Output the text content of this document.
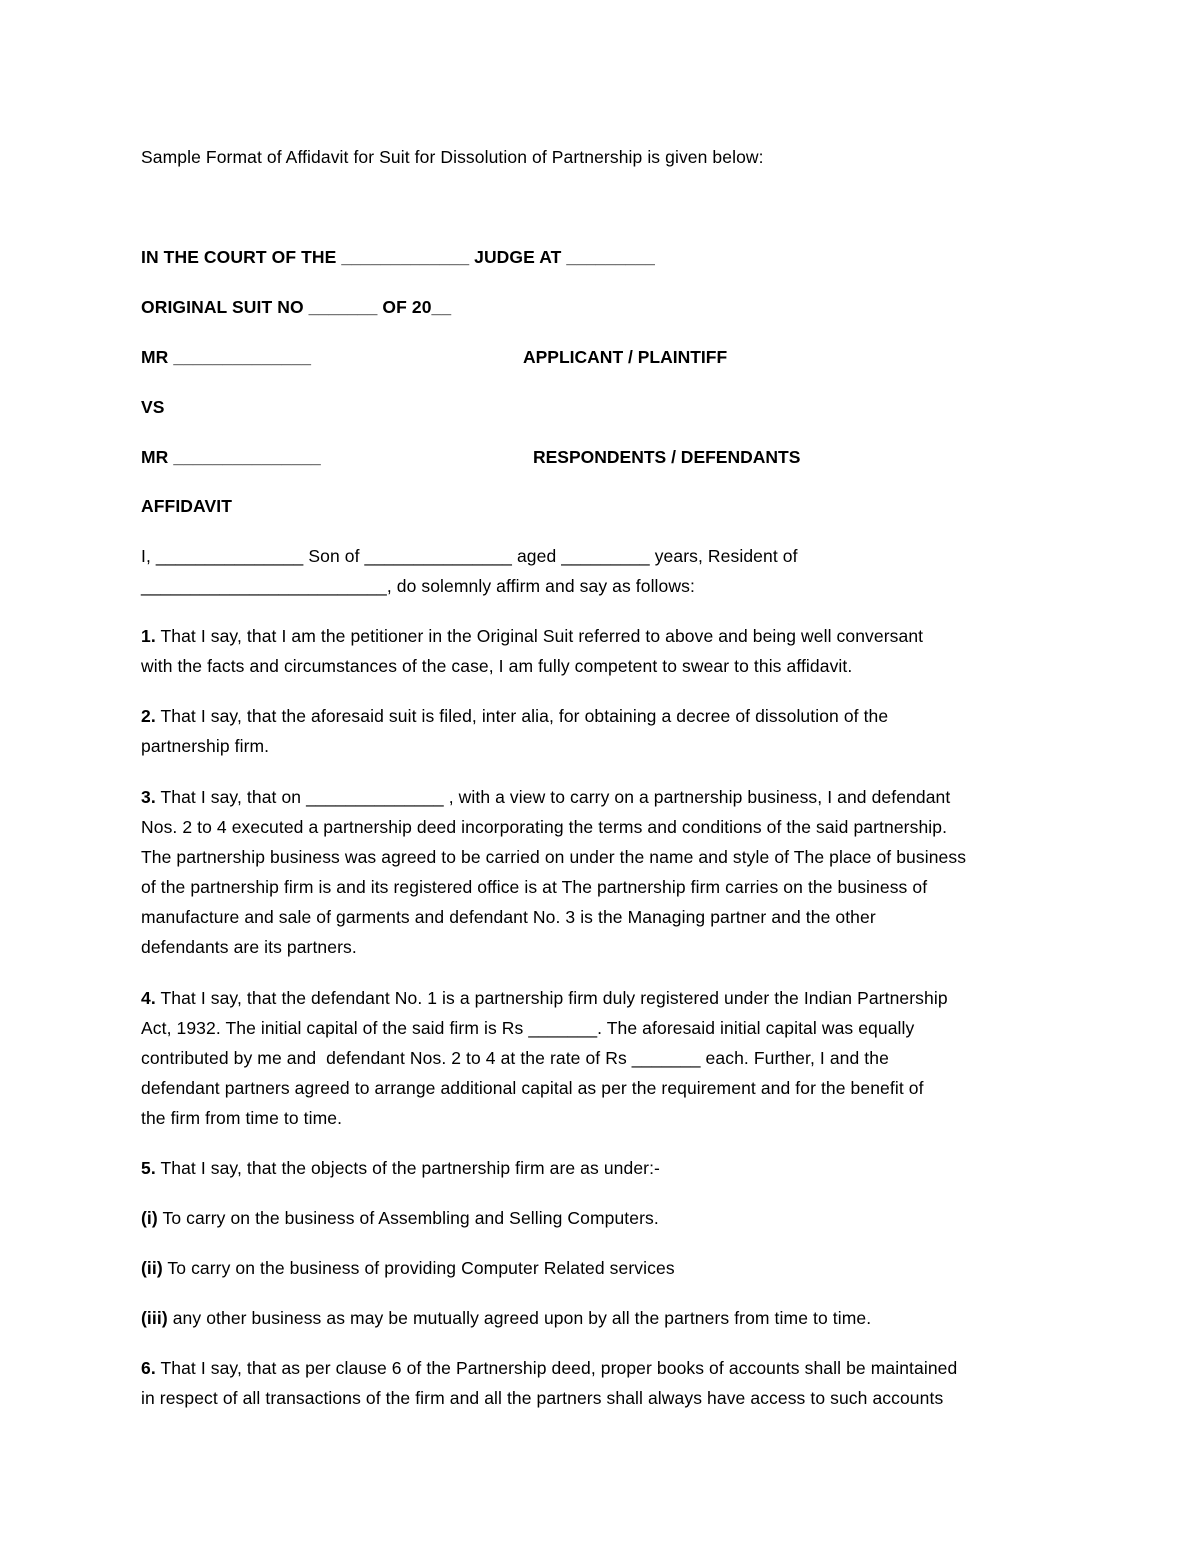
Sample Format of Affidavit for Suit for Dissolution of Partnership is given below:
IN THE COURT OF THE _____________ JUDGE AT _________
ORIGINAL SUIT NO _______ OF 20__
MR ______________	APPLICANT / PLAINTIFF
VS
MR _______________	RESPONDENTS / DEFENDANTS
AFFIDAVIT
I, _______________ Son of _______________ aged _________ years, Resident of
_________________________, do solemnly affirm and say as follows:
1. That I say, that I am the petitioner in the Original Suit referred to above and being well conversant
with the facts and circumstances of the case, I am fully competent to swear to this affidavit.
2. That I say, that the aforesaid suit is filed, inter alia, for obtaining a decree of dissolution of the
partnership firm.
3. That I say, that on ______________ , with a view to carry on a partnership business, I and defendant
Nos. 2 to 4 executed a partnership deed incorporating the terms and conditions of the said partnership.
The partnership business was agreed to be carried on under the name and style of The place of business
of the partnership firm is and its registered office is at The partnership firm carries on the business of
manufacture and sale of garments and defendant No. 3 is the Managing partner and the other
defendants are its partners.
4. That I say, that the defendant No. 1 is a partnership firm duly registered under the Indian Partnership
Act, 1932. The initial capital of the said firm is Rs _______. The aforesaid initial capital was equally
contributed by me and  defendant Nos. 2 to 4 at the rate of Rs _______ each. Further, I and the
defendant partners agreed to arrange additional capital as per the requirement and for the benefit of
the firm from time to time.
5. That I say, that the objects of the partnership firm are as under:-
(i) To carry on the business of Assembling and Selling Computers.
(ii) To carry on the business of providing Computer Related services
(iii) any other business as may be mutually agreed upon by all the partners from time to time.
6. That I say, that as per clause 6 of the Partnership deed, proper books of accounts shall be maintained
in respect of all transactions of the firm and all the partners shall always have access to such accounts
